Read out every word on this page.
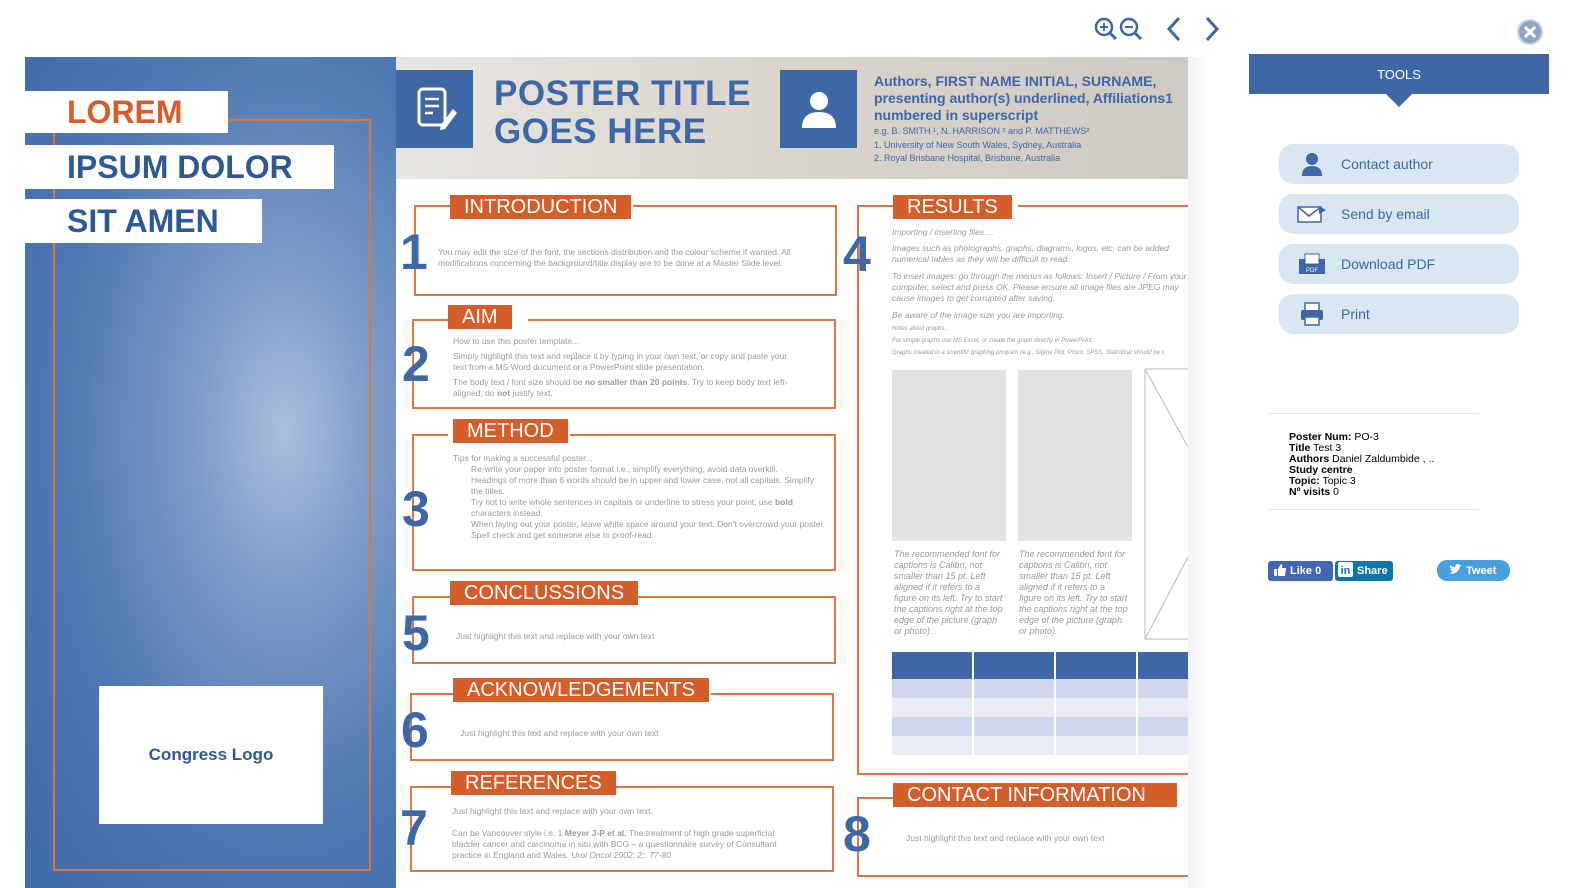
LOREM
IPSUM DOLOR
SIT AMEN
Congress Logo
POSTER TITLE
GOES HERE
Authors, FIRST NAME INITIAL, SURNAME, presenting author(s) underlined, Affiliations1 numbered in superscript
e.g. B. SMITH ¹, N. HARRISON ² and P. MATTHEWS²
1. University of New South Wales, Sydney, Australia
2. Royal Brisbane Hospital, Brisbane, Australia
INTRODUCTION
1 You may edit the size of the font, the sections distribution and the colour scheme if wanted. All modifications concerning the background/title display are to be done at a Master Slide level.
AIM
2	How to use this poster template...
Simply highlight this text and replace it by typing in your own text, or copy and paste your text from a MS Word document or a PowerPoint slide presentation.
The body text / font size should be no smaller than 20 points. Try to keep body text left-aligned, do not justify text.
METHOD
3
Tips for making a successful poster...
Re-write your paper into poster format i.e., simplify everything, avoid data overkill.
Headings of more than 6 words should be in upper and lower case, not all capitals. Simplify the titles.
Try not to write whole sentences in capitals or underline to stress your point, use bold characters instead.
When laying out your poster, leave white space around your text. Don't overcrowd your poster.
Spell check and get someone else to proof-read.
CONCLUSSIONS
5	Just highlight this text and replace with your own text
ACKNOWLEDGEMENTS
6	Just highlight this text and replace with your own text
REFERENCES
7	Just highlight this text and replace with your own text.
Can be Vancouver style i.e. 1 Meyer J-P et al. The treatment of high grade superficial bladder cancer and carcinoma in situ with BCG – a questionnaire survey of Consultant practice in England and Wales. Urol Oncol 2002; 2;: 77-80
RESULTS
4 Importing / inserting files....
Images such as photographs, graphs, diagrams, logos, etc, can be added numerical tables as they will be difficult to read.
To insert images: go through the menus as follows: Insert / Picture / From your computer, select and press OK. Please ensure all image files are JPEG may cause images to get corrupted after saving.
Be aware of the image size you are importing.
Notes about graphs...
For simple graphs use MS Excel, or create the graph directly in PowerPoint.
Graphs created in a scientific graphing program (e.g., Sigma Plot, Prism, SPSS, Statistica) should be s
The recommended font for captions is Calibri, not smaller than 15 pt. Left aligned if it refers to a figure on its left. Try to start the captions right at the top edge of the picture (graph or photo).
The recommended font for captions is Calibri, not smaller than 15 pt. Left aligned if it refers to a figure on its left. Try to start the captions right at the top edge of the picture (graph or photo).
CONTACT INFORMATION
8	Just highlight this text and replace with your own text
TOOLS
Contact author
Send by email
PDF Download PDF
Print
Poster Num: PO-3
Title Test 3
Authors Daniel Zaldumbide , ..
Study centre
Topic: Topic 3
Nº visits 0
Like 0 in Share	Tweet
